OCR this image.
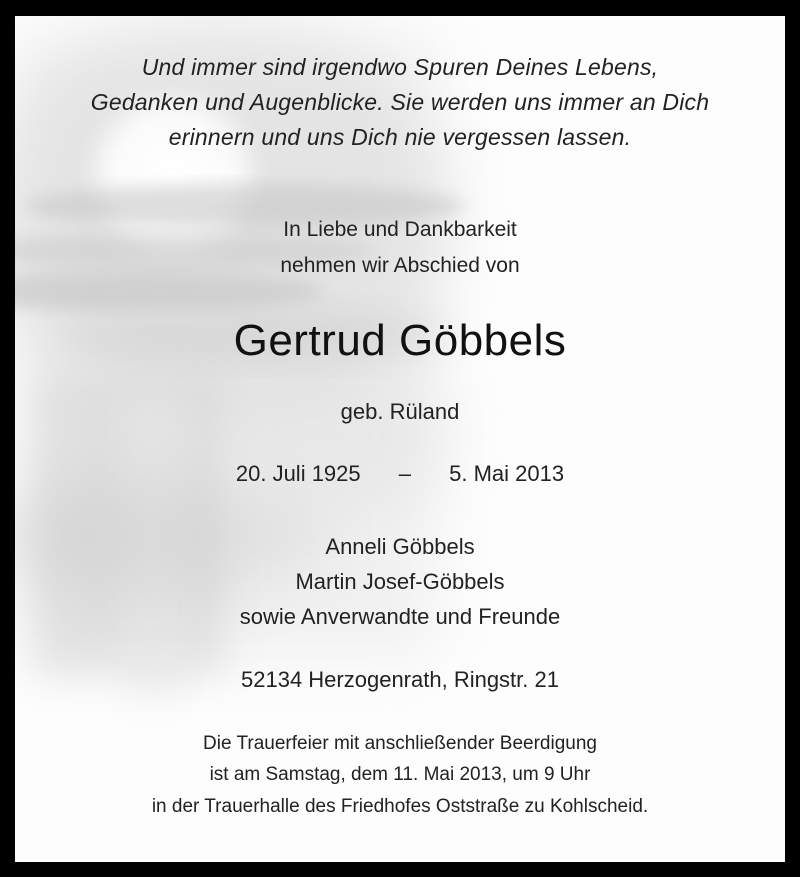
Und immer sind irgendwo Spuren Deines Lebens,
Gedanken und Augenblicke. Sie werden uns immer an Dich
erinnern und uns Dich nie vergessen lassen.
In Liebe und Dankbarkeit
nehmen wir Abschied von
Gertrud Göbbels
geb. Rüland
20. Juli 1925 – 5. Mai 2013
Anneli Göbbels
Martin Josef-Göbbels
sowie Anverwandte und Freunde
52134 Herzogenrath, Ringstr. 21
Die Trauerfeier mit anschließender Beerdigung
ist am Samstag, dem 11. Mai 2013, um 9 Uhr
in der Trauerhalle des Friedhofes Oststraße zu Kohlscheid.
